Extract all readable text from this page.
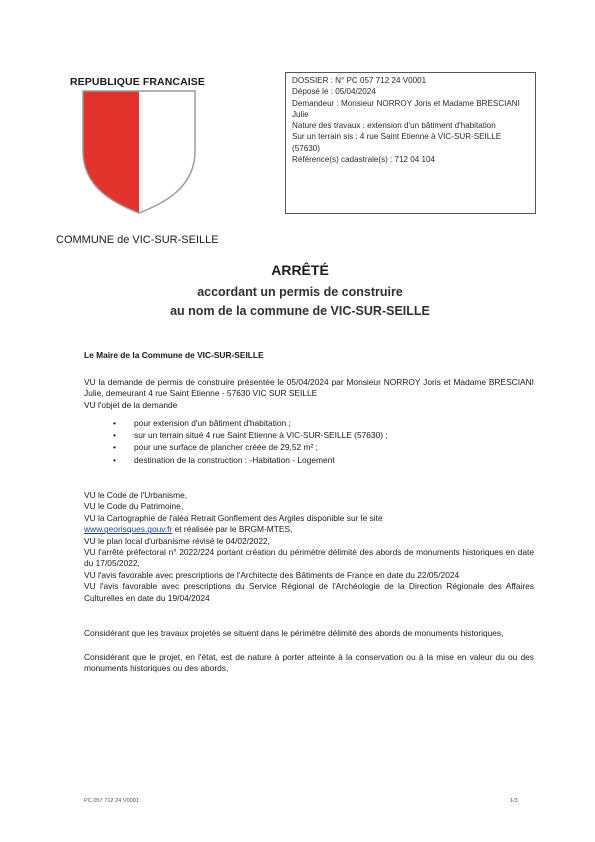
REPUBLIQUE FRANCAISE	DOSSIER : N° PC 057 712 24 V0001
Déposé le : 05/04/2024
Demandeur : Monsieur NORROY Joris et Madame BRESCIANI Julie
Nature des travaux : extension d'un bâtiment d'habitation
Sur un terrain sis : 4 rue Saint Etienne à VIC-SUR-SEILLE (57630)
Référence(s) cadastrale(s) : 712 04 104
COMMUNE de VIC-SUR-SEILLE
ARRÊTÉ
accordant un permis de construire
au nom de la commune de VIC-SUR-SEILLE
Le Maire de la Commune de VIC-SUR-SEILLE
VU la demande de permis de construire présentée le 05/04/2024 par Monsieur NORROY Joris et Madame BRESCIANI Julie, demeurant 4 rue Saint Etienne - 57630 VIC SUR SEILLE
VU l'objet de la demande
• pour extension d'un bâtiment d'habitation ;
• sur un terrain situé 4 rue Saint Etienne à VIC-SUR-SEILLE (57630) ;
• pour une surface de plancher créée de 29,52 m² ;
• destination de la construction : -Habitation - Logement
VU le Code de l'Urbanisme,
VU le Code du Patrimoine,
VU la Cartographie de l'aléa Retrait Gonflement des Argiles disponible sur le site
www.georisques.gouv.fr et réalisée par le BRGM-MTES,
VU le plan local d'urbanisme révisé le 04/02/2022,
VU l'arrêté préfectoral n° 2022/224 portant création du périmètre délimité des abords de monuments historiques en date du 17/05/2022,
VU l'avis favorable avec prescriptions de l'Architecte des Bâtiments de France en date du 22/05/2024
VU l'avis favorable avec prescriptions du Service Régional de l'Archéologie de la Direction Régionale des Affaires Culturelles en date du 19/04/2024
Considérant que les travaux projetés se situent dans le périmètre délimité des abords de monuments historiques,
Considérant que le projet, en l'état, est de nature à porter atteinte à la conservation ou à la mise en valeur du ou des monuments historiques ou des abords,
PC 057 712 24 V0001	1/3
